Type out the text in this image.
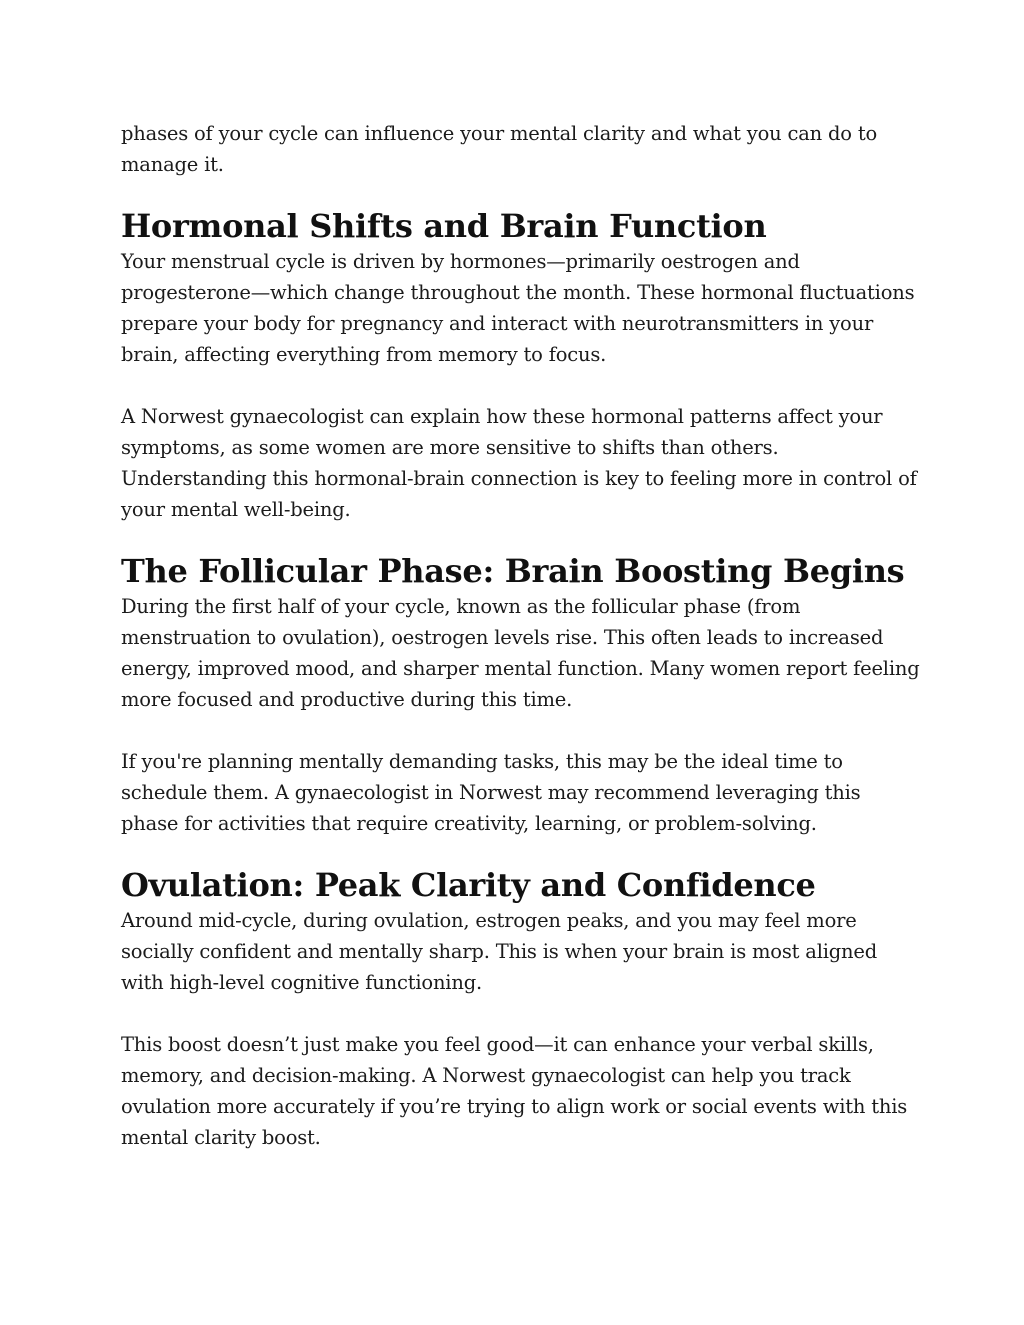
phases of your cycle can influence your mental clarity and what you can do to manage it.

Hormonal Shifts and Brain Function

Your menstrual cycle is driven by hormones—primarily oestrogen and progesterone—which change throughout the month. These hormonal fluctuations prepare your body for pregnancy and interact with neurotransmitters in your brain, affecting everything from memory to focus.

A Norwest gynaecologist can explain how these hormonal patterns affect your symptoms, as some women are more sensitive to shifts than others. Understanding this hormonal-brain connection is key to feeling more in control of your mental well-being.

The Follicular Phase: Brain Boosting Begins

During the first half of your cycle, known as the follicular phase (from menstruation to ovulation), oestrogen levels rise. This often leads to increased energy, improved mood, and sharper mental function. Many women report feeling more focused and productive during this time.

If you're planning mentally demanding tasks, this may be the ideal time to schedule them. A gynaecologist in Norwest may recommend leveraging this phase for activities that require creativity, learning, or problem-solving.

Ovulation: Peak Clarity and Confidence

Around mid-cycle, during ovulation, estrogen peaks, and you may feel more socially confident and mentally sharp. This is when your brain is most aligned with high-level cognitive functioning.

This boost doesn’t just make you feel good—it can enhance your verbal skills, memory, and decision-making. A Norwest gynaecologist can help you track ovulation more accurately if you’re trying to align work or social events with this mental clarity boost.
